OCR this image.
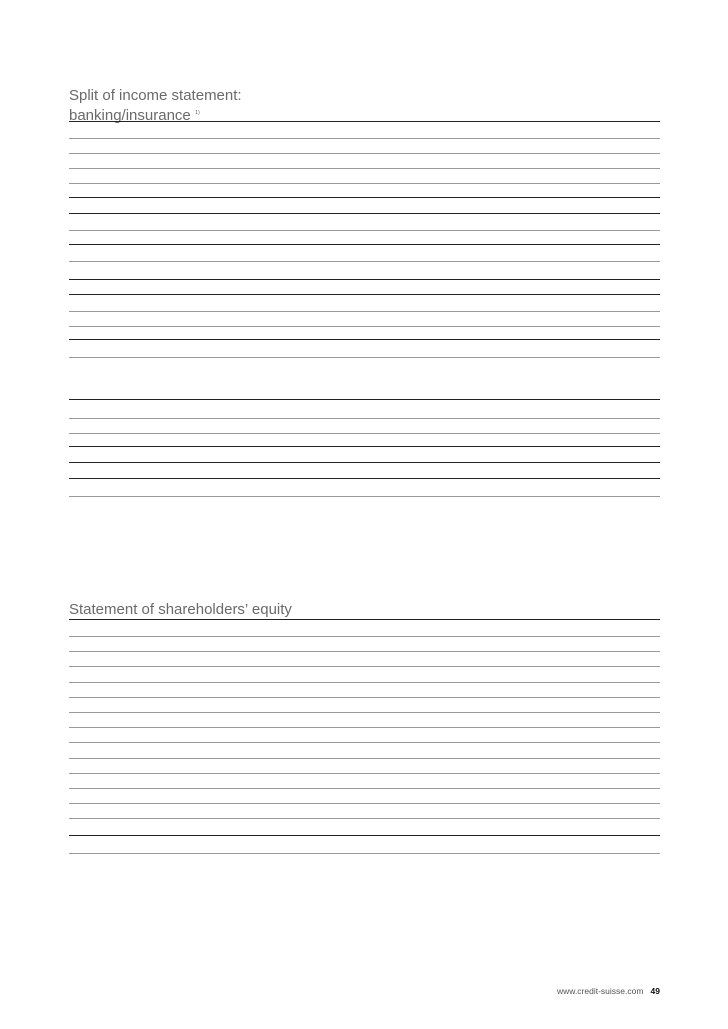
Split of income statement:
banking/insurance $^{1)}$
Statement of shareholders’ equity
www.credit-suisse.com 49
